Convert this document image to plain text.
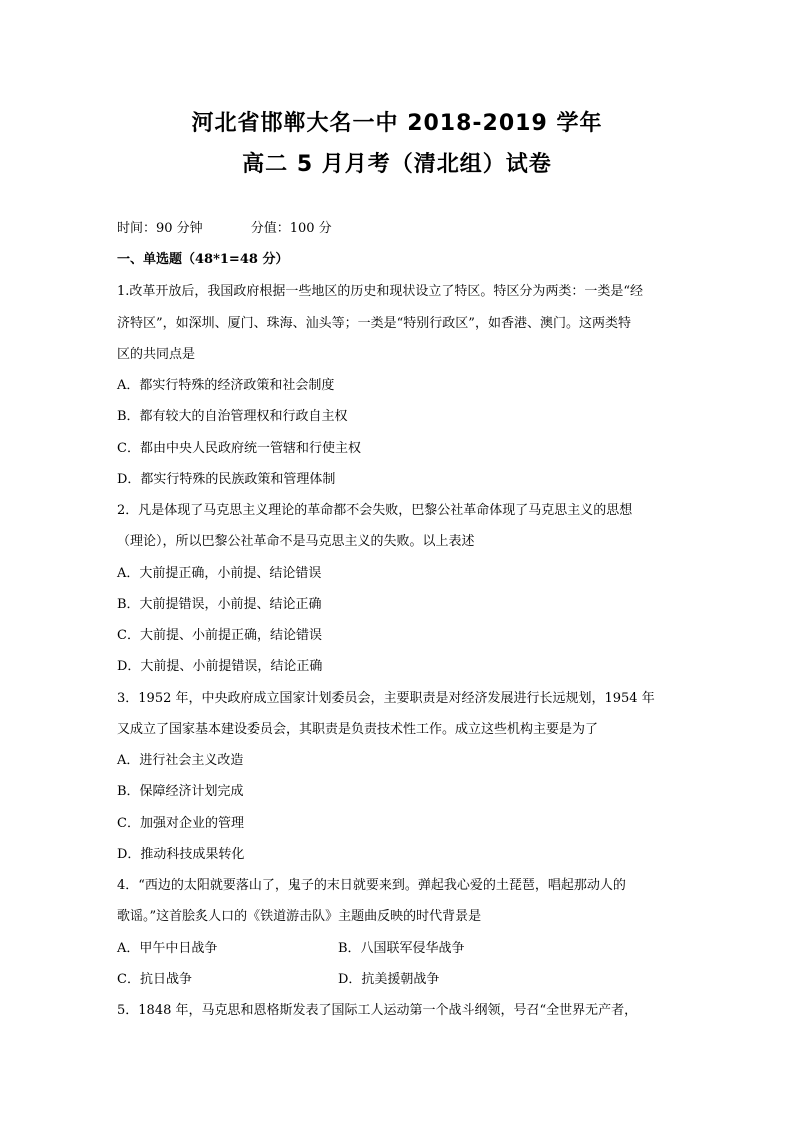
河北省邯郸大名一中 2018-2019 学年
高二 5 月月考（清北组）试卷
时间：90 分钟	分值：100 分
一、单选题（48*1=48 分）
1.改革开放后，我国政府根据一些地区的历史和现状设立了特区。特区分为两类：一类是“经
济特区”，如深圳、厦门、珠海、汕头等；一类是“特别行政区”，如香港、澳门。这两类特
区的共同点是
A．都实行特殊的经济政策和社会制度
B．都有较大的自治管理权和行政自主权
C．都由中央人民政府统一管辖和行使主权
D．都实行特殊的民族政策和管理体制
2．凡是体现了马克思主义理论的革命都不会失败，巴黎公社革命体现了马克思主义的思想
（理论），所以巴黎公社革命不是马克思主义的失败。以上表述
A．大前提正确，小前提、结论错误
B．大前提错误，小前提、结论正确
C．大前提、小前提正确，结论错误
D．大前提、小前提错误，结论正确
3．1952 年，中央政府成立国家计划委员会，主要职责是对经济发展进行长远规划，1954 年
又成立了国家基本建设委员会，其职责是负责技术性工作。成立这些机构主要是为了
A．进行社会主义改造
B．保障经济计划完成
C．加强对企业的管理
D．推动科技成果转化
4．“西边的太阳就要落山了，鬼子的末日就要来到。弹起我心爱的土琵琶，唱起那动人的
歌谣。”这首脍炙人口的《铁道游击队》主题曲反映的时代背景是
A．甲午中日战争	B．八国联军侵华战争
C．抗日战争	D．抗美援朝战争
5．1848 年，马克思和恩格斯发表了国际工人运动第一个战斗纲领，号召“全世界无产者，
